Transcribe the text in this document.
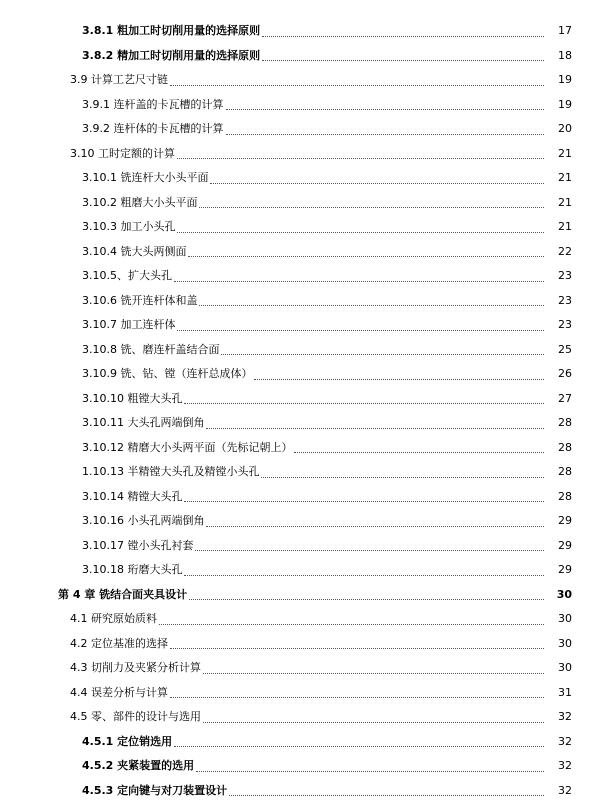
3.8.1 粗加工时切削用量的选择原则	17
3.8.2 精加工时切削用量的选择原则	18
3.9 计算工艺尺寸链	19
3.9.1 连杆盖的卡瓦槽的计算	19
3.9.2 连杆体的卡瓦槽的计算	20
3.10 工时定额的计算	21
3.10.1 铣连杆大小头平面	21
3.10.2 粗磨大小头平面	21
3.10.3 加工小头孔	21
3.10.4 铣大头两侧面	22
3.10.5、扩大头孔	23
3.10.6 铣开连杆体和盖	23
3.10.7 加工连杆体	23
3.10.8 铣、磨连杆盖结合面	25
3.10.9 铣、钻、镗（连杆总成体）	26
3.10.10 粗镗大头孔	27
3.10.11 大头孔两端倒角	28
3.10.12 精磨大小头两平面（先标记朝上）	28
1.10.13 半精镗大头孔及精镗小头孔	28
3.10.14 精镗大头孔	28
3.10.16 小头孔两端倒角	29
3.10.17 镗小头孔衬套	29
3.10.18 珩磨大头孔	29
第 4 章 铣结合面夹具设计	30
4.1 研究原始质料	30
4.2 定位基准的选择	30
4.3 切削力及夹紧分析计算	30
4.4 误差分析与计算	31
4.5 零、部件的设计与选用	32
4.5.1 定位销选用	32
4.5.2 夹紧装置的选用	32
4.5.3 定向键与对刀装置设计	32
